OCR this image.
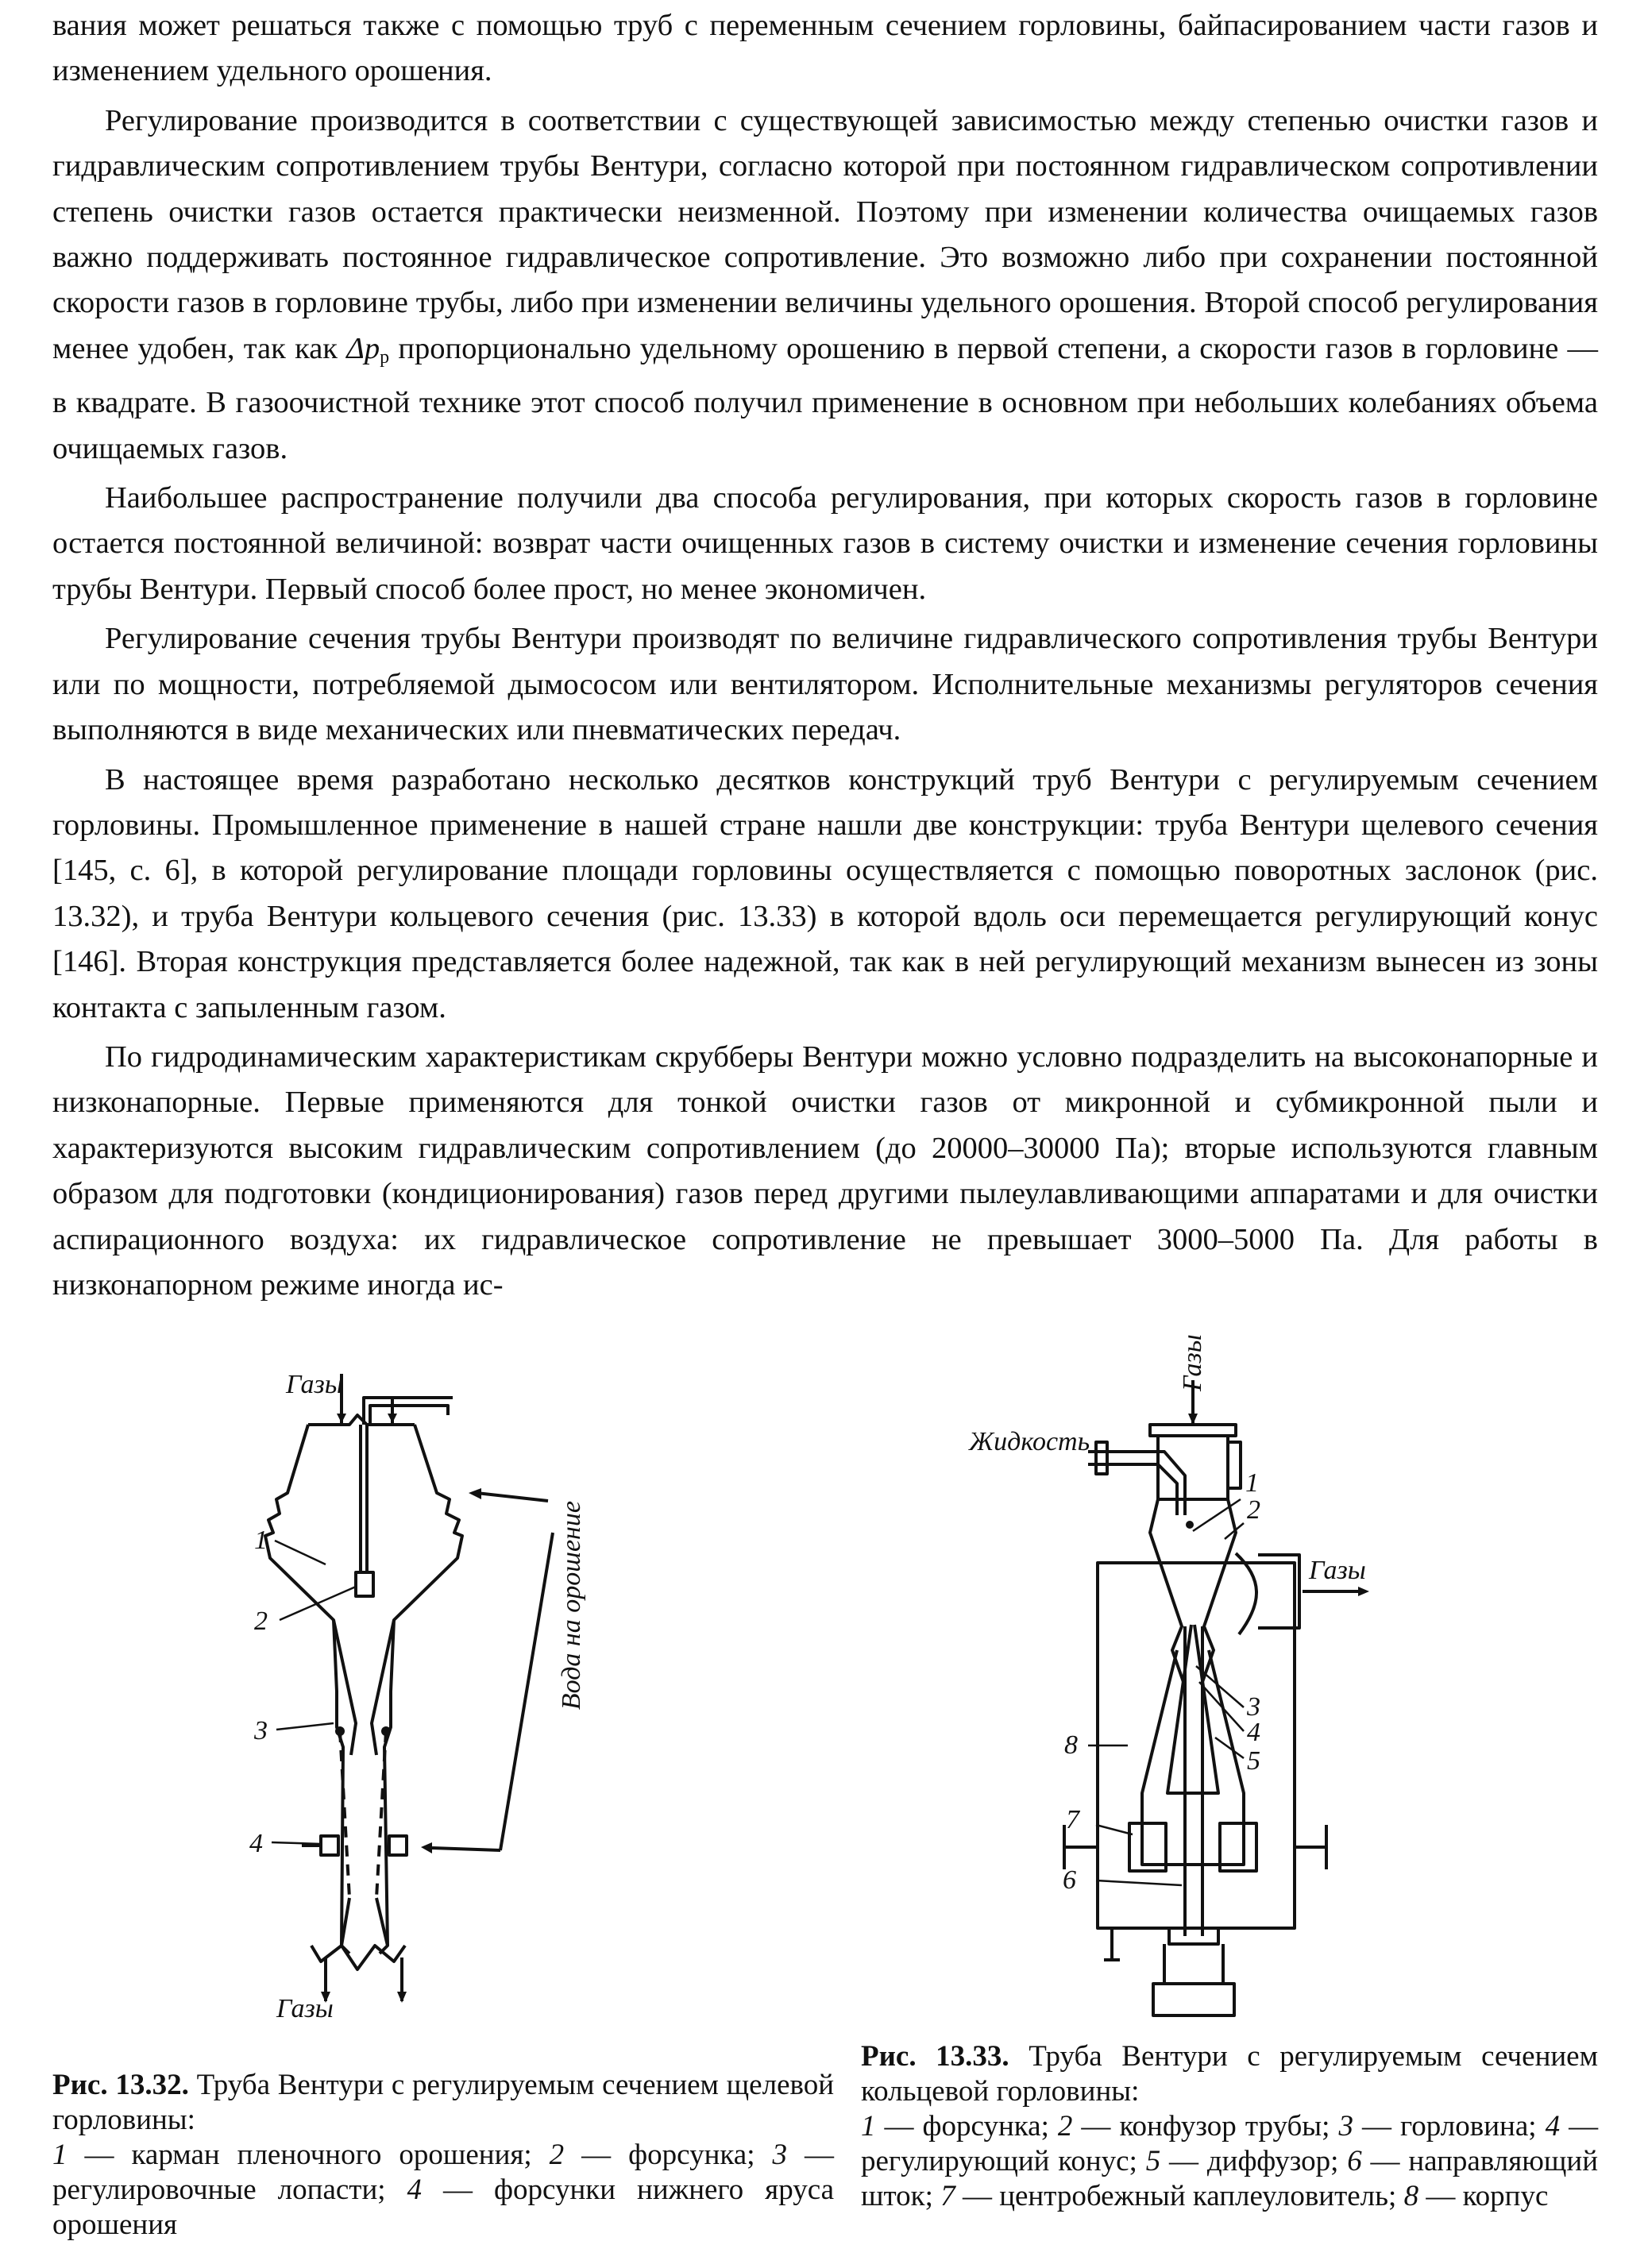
вания может решаться также с помощью труб с переменным сечением горловины, байпасированием части газов и изменением удельного орошения.

Регулирование производится в соответствии с существующей зависимостью между степенью очистки газов и гидравлическим сопротивлением трубы Вентури, согласно которой при постоянном гидравлическом сопротивлении степень очистки газов остается практически неизменной. Поэтому при изменении количества очищаемых газов важно поддерживать постоянное гидравлическое сопротивление. Это возможно либо при сохранении постоянной скорости газов в горловине трубы, либо при изменении величины удельного орошения. Второй способ регулирования менее удобен, так как $\Delta p_р$ пропорционально удельному орошению в первой степени, а скорости газов в горловине — в квадрате. В газоочистной технике этот способ получил применение в основном при небольших колебаниях объема очищаемых газов.

Наибольшее распространение получили два способа регулирования, при которых скорость газов в горловине остается постоянной величиной: возврат части очищенных газов в систему очистки и изменение сечения горловины трубы Вентури. Первый способ более прост, но менее экономичен.

Регулирование сечения трубы Вентури производят по величине гидравлического сопротивления трубы Вентури или по мощности, потребляемой дымососом или вентилятором. Исполнительные механизмы регуляторов сечения выполняются в виде механических или пневматических передач.

В настоящее время разработано несколько десятков конструкций труб Вентури с регулируемым сечением горловины. Промышленное применение в нашей стране нашли две конструкции: труба Вентури щелевого сечения [145, с. 6], в которой регулирование площади горловины осуществляется с помощью поворотных заслонок (рис. 13.32), и труба Вентури кольцевого сечения (рис. 13.33) в которой вдоль оси перемещается регулирующий конус [146]. Вторая конструкция представляется более надежной, так как в ней регулирующий механизм вынесен из зоны контакта с запыленным газом.

По гидродинамическим характеристикам скрубберы Вентури можно условно подразделить на высоконапорные и низконапорные. Первые применяются для тонкой очистки газов от микронной и субмикронной пыли и характеризуются высоким гидравлическим сопротивлением (до 20000–30000 Па); вторые используются главным образом для подготовки (кондиционирования) газов перед другими пылеулавливающими аппаратами и для очистки аспирационного воздуха: их гидравлическое сопротивление не превышает 3000–5000 Па. Для работы в низконапорном режиме иногда ис-

Газы
Газы
Вода на орошение
1
2
3
4
Газы
Жидкость
Газы
1
2
3
4
5
6
7
8
Рис. 13.32. Труба Вентури с регулируемым сечением щелевой горловины:
1 — карман пленочного орошения; 2 — форсунка; 3 — регулировочные лопасти; 4 — форсунки нижнего яруса орошения
Рис. 13.33. Труба Вентури с регулируемым сечением кольцевой горловины:
1 — форсунка; 2 — конфузор трубы; 3 — горловина; 4 — регулирующий конус; 5 — диффузор; 6 — направляющий шток; 7 — центробежный каплеуловитель; 8 — корпус
